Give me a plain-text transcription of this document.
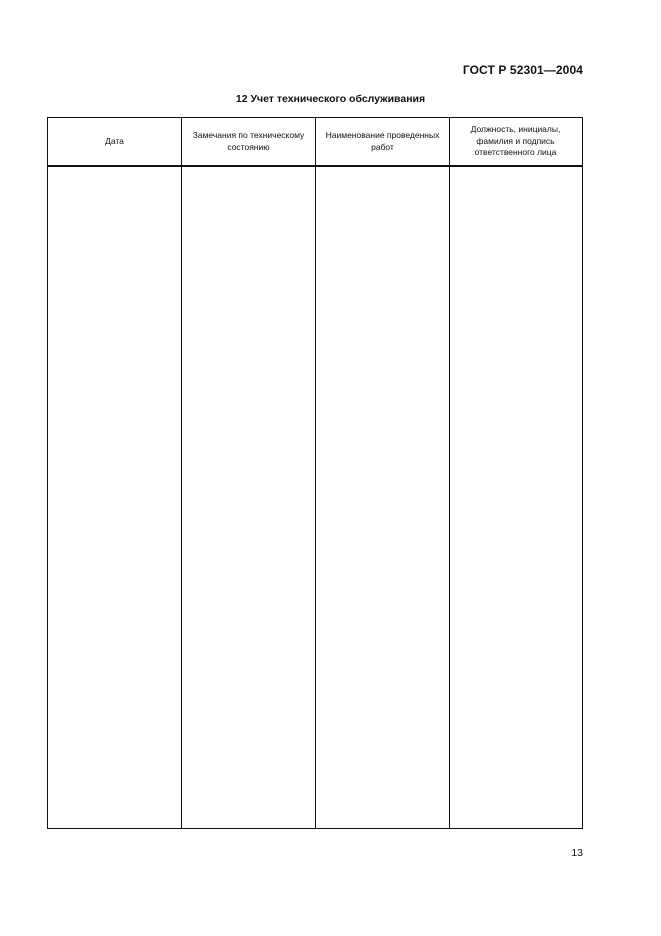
ГОСТ Р 52301—2004
12 Учет технического обслуживания
Дата
Замечания по техническому состоянию
Наименование проведенных работ
Должность, инициалы, фамилия и подпись ответственного лица
13
